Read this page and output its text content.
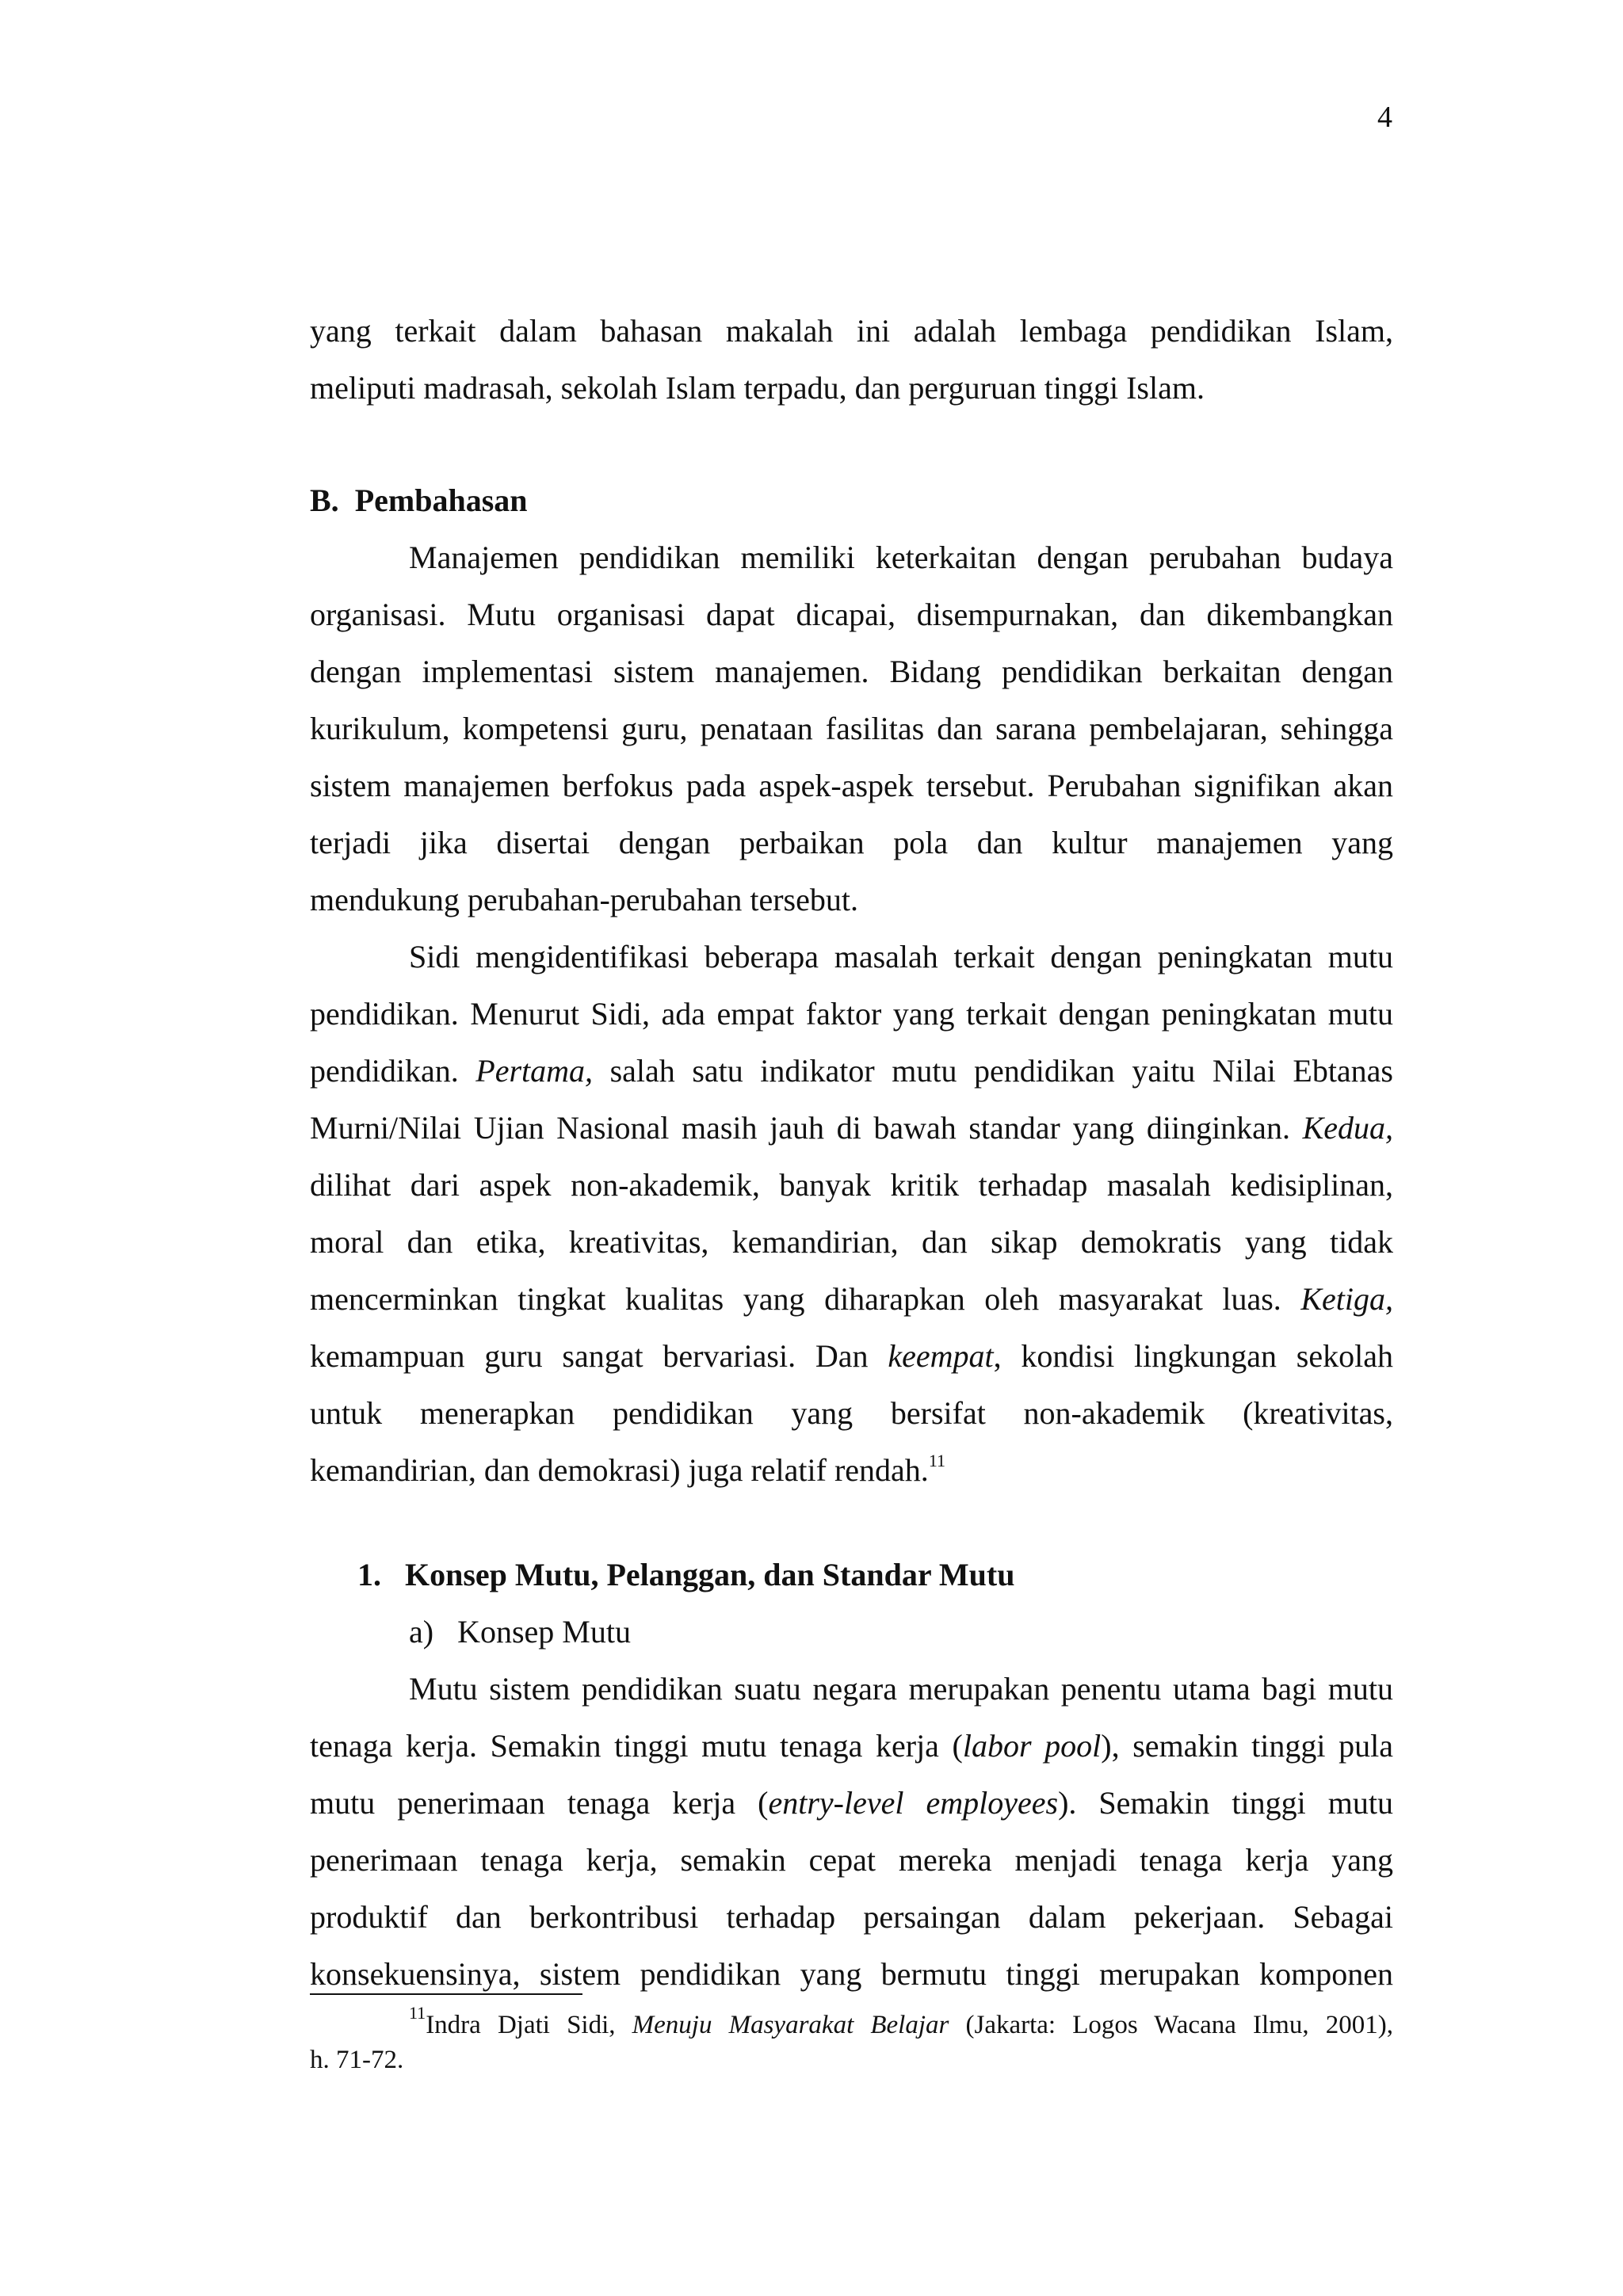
4
yang terkait dalam bahasan makalah ini adalah lembaga pendidikan Islam,
meliputi madrasah, sekolah Islam terpadu, dan perguruan tinggi Islam.
B. Pembahasan
Manajemen pendidikan memiliki keterkaitan dengan perubahan budaya
organisasi. Mutu organisasi dapat dicapai, disempurnakan, dan dikembangkan
dengan implementasi sistem manajemen. Bidang pendidikan berkaitan dengan
kurikulum, kompetensi guru, penataan fasilitas dan sarana pembelajaran, sehingga
sistem manajemen berfokus pada aspek-aspek tersebut. Perubahan signifikan akan
terjadi jika disertai dengan perbaikan pola dan kultur manajemen yang
mendukung perubahan-perubahan tersebut.
Sidi mengidentifikasi beberapa masalah terkait dengan peningkatan mutu
pendidikan. Menurut Sidi, ada empat faktor yang terkait dengan peningkatan mutu
pendidikan. Pertama, salah satu indikator mutu pendidikan yaitu Nilai Ebtanas
Murni/Nilai Ujian Nasional masih jauh di bawah standar yang diinginkan. Kedua,
dilihat dari aspek non-akademik, banyak kritik terhadap masalah kedisiplinan,
moral dan etika, kreativitas, kemandirian, dan sikap demokratis yang tidak
mencerminkan tingkat kualitas yang diharapkan oleh masyarakat luas. Ketiga,
kemampuan guru sangat bervariasi. Dan keempat, kondisi lingkungan sekolah
untuk menerapkan pendidikan yang bersifat non-akademik (kreativitas,
kemandirian, dan demokrasi) juga relatif rendah.$^{11}$
1. Konsep Mutu, Pelanggan, dan Standar Mutu
a) Konsep Mutu
Mutu sistem pendidikan suatu negara merupakan penentu utama bagi mutu
tenaga kerja. Semakin tinggi mutu tenaga kerja (labor pool), semakin tinggi pula
mutu penerimaan tenaga kerja (entry-level employees). Semakin tinggi mutu
penerimaan tenaga kerja, semakin cepat mereka menjadi tenaga kerja yang
produktif dan berkontribusi terhadap persaingan dalam pekerjaan. Sebagai
konsekuensinya, sistem pendidikan yang bermutu tinggi merupakan komponen
$^{11}$Indra Djati Sidi, Menuju Masyarakat Belajar (Jakarta: Logos Wacana Ilmu, 2001),
h. 71-72.
